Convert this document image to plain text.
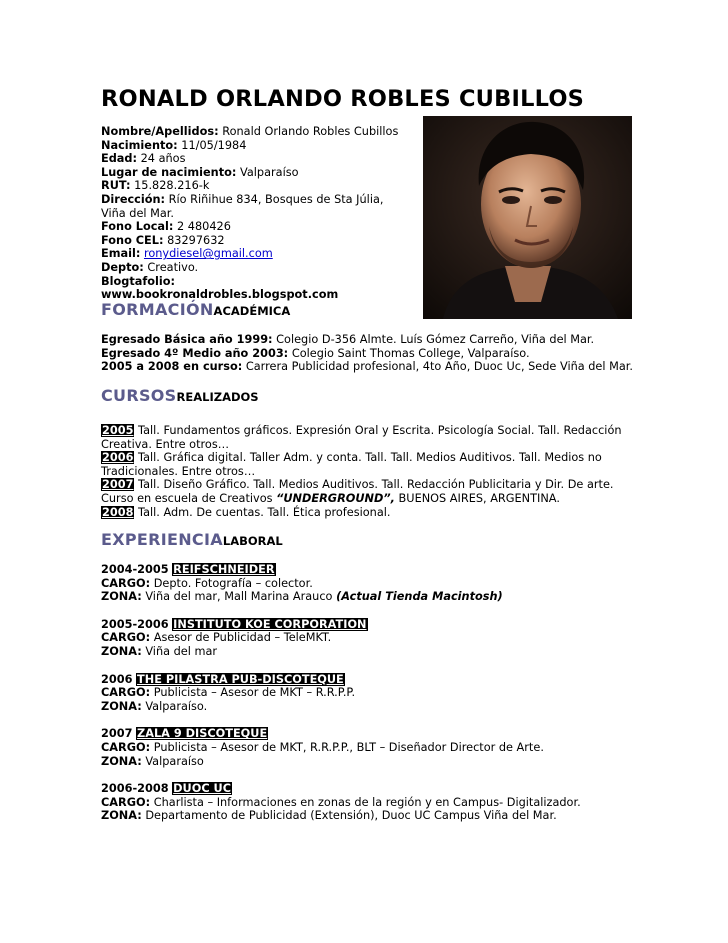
RONALD ORLANDO ROBLES CUBILLOS
Nombre/Apellidos: Ronald Orlando Robles Cubillos
Nacimiento: 11/05/1984
Edad: 24 años
Lugar de nacimiento: Valparaíso
RUT: 15.828.216-k
Dirección: Río Riñihue 834, Bosques de Sta Júlia, Viña del Mar.
Fono Local: 2 480426
Fono CEL: 83297632
Email: ronydiesel@gmail.com
Depto: Creativo.
Blogtafolio: www.bookronaldrobles.blogspot.com
FORMACIÓNACADÉMICA
Egresado Básica año 1999: Colegio D-356 Almte. Luís Gómez Carreño, Viña del Mar.
Egresado 4º Medio año 2003: Colegio Saint Thomas College, Valparaíso.
2005 a 2008 en curso: Carrera Publicidad profesional, 4to Año, Duoc Uc, Sede Viña del Mar.
CURSOSREALIZADOS
2005 Tall. Fundamentos gráficos. Expresión Oral y Escrita. Psicología Social. Tall. Redacción Creativa. Entre otros…
2006 Tall. Gráfica digital. Taller Adm. y conta. Tall. Tall. Medios Auditivos. Tall. Medios no Tradicionales. Entre otros…
2007 Tall. Diseño Gráfico. Tall. Medios Auditivos. Tall. Redacción Publicitaria y Dir. De arte. Curso en escuela de Creativos “UNDERGROUND”, BUENOS AIRES, ARGENTINA.
2008 Tall. Adm. De cuentas. Tall. Ética profesional.
EXPERIENCIALABORAL
2004-2005 REIFSCHNEIDER
CARGO: Depto. Fotografía – colector.
ZONA: Viña del mar, Mall Marina Arauco (Actual Tienda Macintosh)
2005-2006 INSTITUTO KOE CORPORATION
CARGO: Asesor de Publicidad – TeleMKT.
ZONA: Viña del mar
2006 THE PILASTRA PUB-DISCOTEQUE
CARGO: Publicista – Asesor de MKT – R.R.P.P.
ZONA: Valparaíso.
2007 ZALA 9 DISCOTEQUE
CARGO: Publicista – Asesor de MKT, R.R.P.P., BLT – Diseñador Director de Arte.
ZONA: Valparaíso
2006-2008 DUOC UC
CARGO: Charlista – Informaciones en zonas de la región y en Campus- Digitalizador.
ZONA: Departamento de Publicidad (Extensión), Duoc UC Campus Viña del Mar.
